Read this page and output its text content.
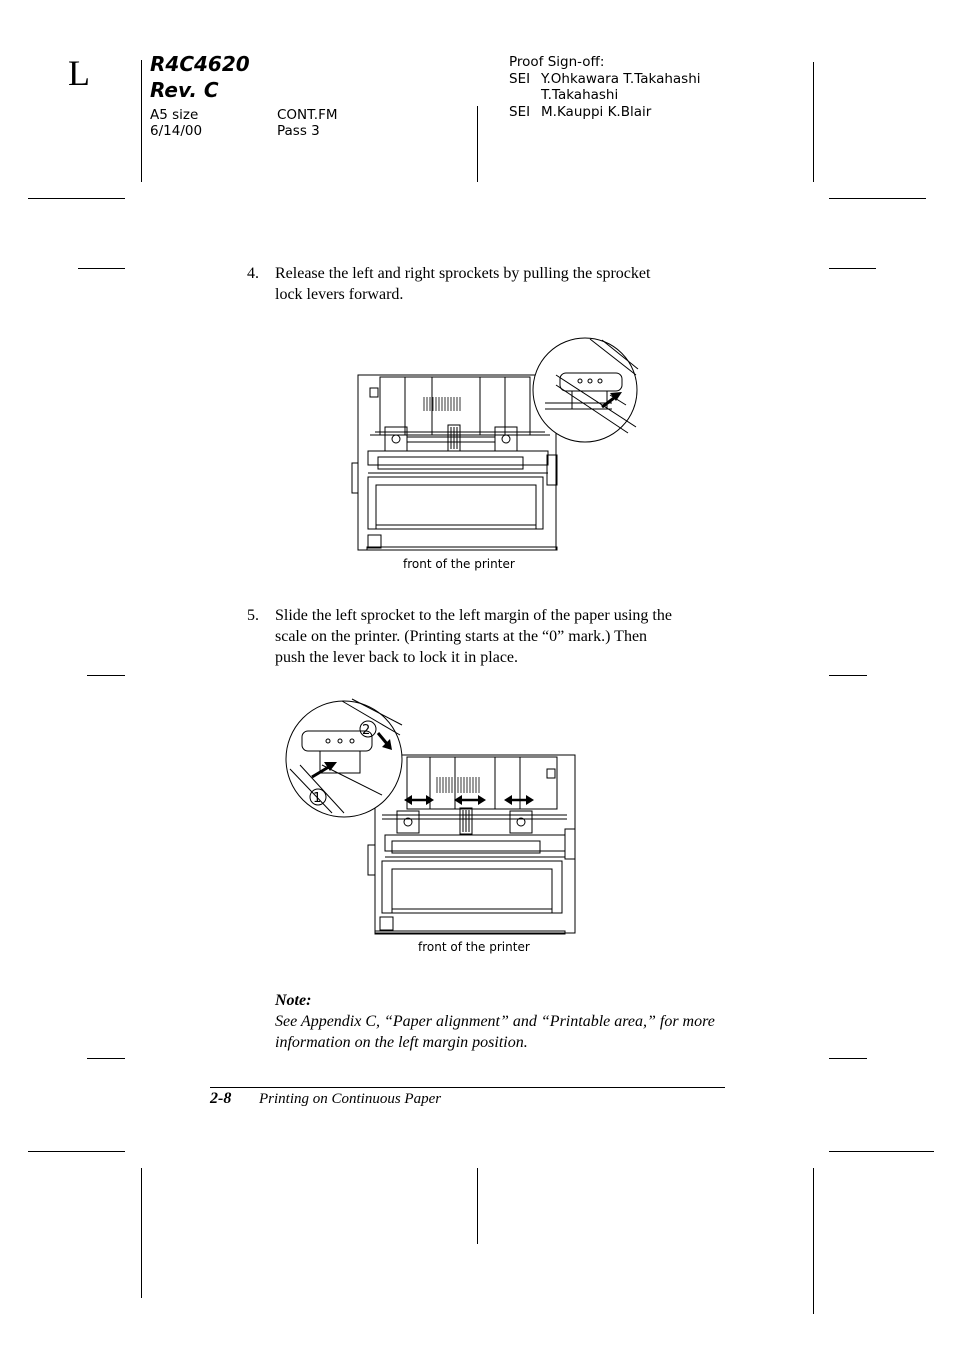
L	R4C4620
Rev. C
A5 size
6/14/00
CONT.FM
Pass 3
Proof Sign-off:
SEI Y.Ohkawara T.Takahashi
T.Takahashi
SEI M.Kauppi K.Blair
4. Release the left and right sprockets by pulling the sprocket
lock levers forward.
front of the printer
5. Slide the left sprocket to the left margin of the paper using the
scale on the printer. (Printing starts at the “0” mark.) Then
push the lever back to lock it in place.
2
1
front of the printer
Note:
See Appendix C, “Paper alignment” and “Printable area,” for more
information on the left margin position.
2-8 Printing on Continuous Paper
